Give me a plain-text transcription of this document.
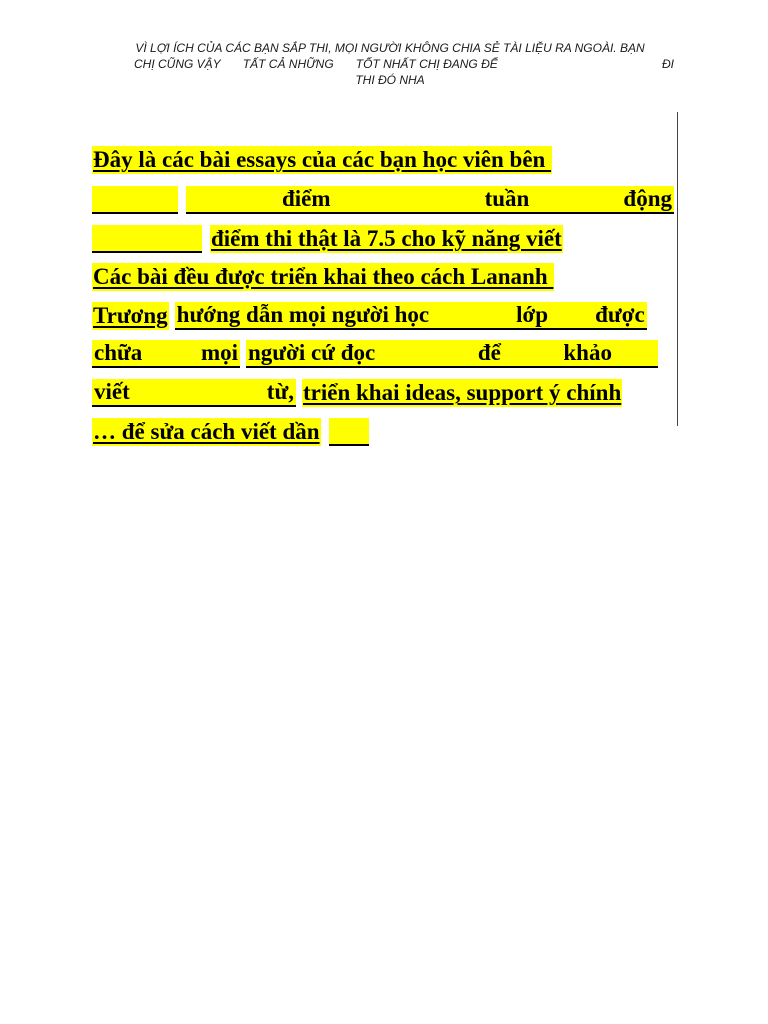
VÌ LỢI ÍCH CỦA CÁC BẠN SẮP THI, MỌI NGƯỜI KHÔNG CHIA SẺ TÀI LIỆU RA NGOÀI. BẠN
CHỊ CŨNG VẬY TẤT CẢ NHỮNG TỐT NHẤT CHỊ ĐANG ĐỂ	ĐI
THI ĐÓ NHA
Đây là các bài essays của các bạn học viên bên
điểm	tuần	động
điểm thi thật là 7.5 cho kỹ năng viết
Các bài đều được triển khai theo cách Lananh
Trương hướng dẫn mọi người học	lớp được
chữa	mọi người cứ đọc	để	khảo
viết	từ, triển khai ideas, support ý chính
… để sửa cách viết dần
